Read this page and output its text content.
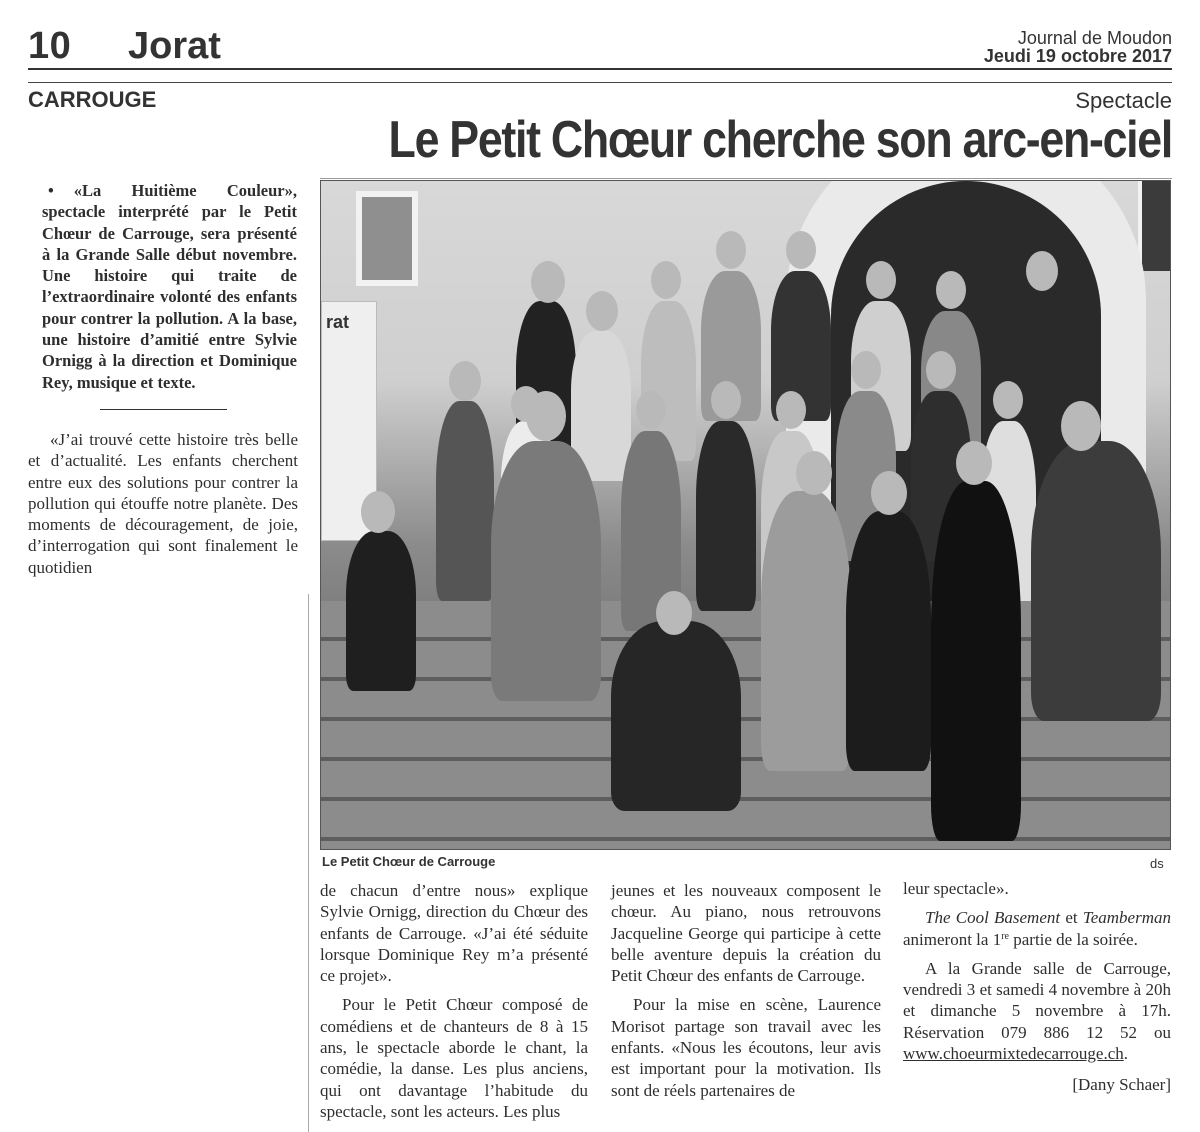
10 Jorat	Journal de Moudon
Jeudi 19 octobre 2017
CARROUGE	Spectacle
Le Petit Chœur cherche son arc-en-ciel
• «La Huitième Couleur», spectacle interprété par le Petit Chœur de Carrouge, sera présenté à la Grande Salle début novembre. Une histoire qui traite de l’extraordinaire volonté des enfants pour contrer la pollution. A la base, une histoire d’amitié entre Sylvie Ornigg à la direction et Dominique Rey, musique et texte.

«J’ai trouvé cette histoire très belle et d’actualité. Les enfants cherchent entre eux des solutions pour contrer la pollution qui étouffe notre planète. Des moments de découragement, de joie, d’interrogation qui sont finalement le quotidien

rat
Le Petit Chœur de Carrouge	ds

de chacun d’entre nous» explique Sylvie Ornigg, direction du Chœur des enfants de Carrouge. «J’ai été séduite lorsque Dominique Rey m’a présenté ce projet».

Pour le Petit Chœur composé de comédiens et de chanteurs de 8 à 15 ans, le spectacle aborde le chant, la comédie, la danse. Les plus anciens, qui ont davantage l’habitude du spectacle, sont les acteurs. Les plus

jeunes et les nouveaux composent le chœur. Au piano, nous retrouvons Jacqueline George qui participe à cette belle aventure depuis la création du Petit Chœur des enfants de Carrouge.

Pour la mise en scène, Laurence Morisot partage son travail avec les enfants. «Nous les écoutons, leur avis est important pour la motivation. Ils sont de réels partenaires de

leur spectacle».

The Cool Basement et Teamberman animeront la 1re partie de la soirée.

A la Grande salle de Carrouge, vendredi 3 et samedi 4 novembre à 20h et dimanche 5 novembre à 17h. Réservation 079 886 12 52 ou www.choeurmixtedecarrouge.ch.

[Dany Schaer]
